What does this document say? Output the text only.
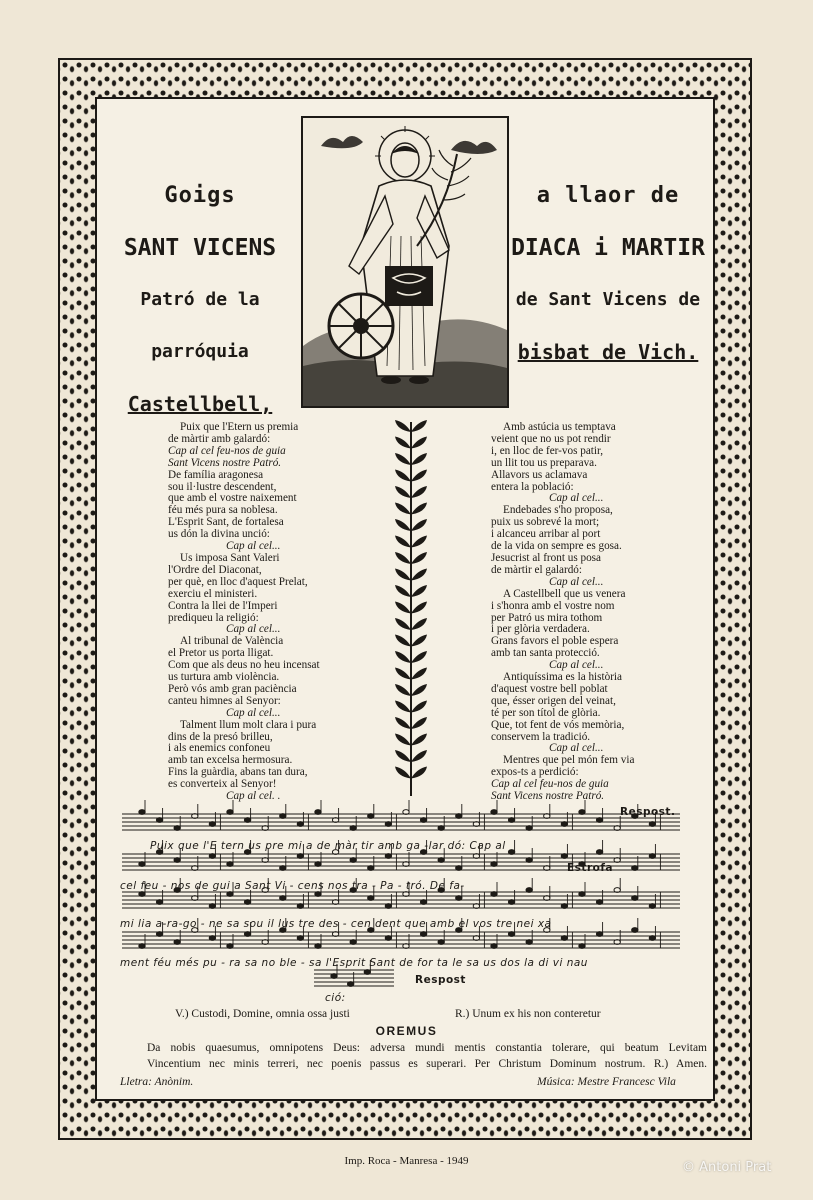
Goigs
SANT VICENS
Patró de la parróquia
Castellbell,
a llaor de
DIACA i MARTIR
de Sant Vicens de
bisbat de Vich.
Puix que l'Etern us premia
de màrtir amb galardó:
Cap al cel feu-nos de guia
Sant Vicens nostre Patró.
De família aragonesa
sou il·lustre descendent,
que amb el vostre naixement
féu més pura sa noblesa.
L'Esprit Sant, de fortalesa
us dón la divina unció:
Cap al cel...
Us imposa Sant Valeri
l'Ordre del Diaconat,
per què, en lloc d'aquest Prelat,
exerciu el ministeri.
Contra la llei de l'Imperi
prediqueu la religió:
Cap al cel...
Al tribunal de València
el Pretor us porta lligat.
Com que als deus no heu incensat
us turtura amb violència.
Però vós amb gran paciència
canteu himnes al Senyor:
Cap al cel...
Talment llum molt clara i pura
dins de la presó brilleu,
i als enemics confoneu
amb tan excelsa hermosura.
Fins la guàrdia, abans tan dura,
es converteix al Senyor!
Cap al cel. .
Amb astúcia us temptava
veient que no us pot rendir
i, en lloc de fer-vos patir,
un llit tou us preparava.
Allavors us aclamava
entera la població:
Cap al cel...
Endebades s'ho proposa,
puix us sobrevé la mort;
i alcanceu arribar al port
de la vida on sempre es gosa.
Jesucrist al front us posa
de màrtir el galardó:
Cap al cel...
A Castellbell que us venera
i s'honra amb el vostre nom
per Patró us mira tothom
i per glòria verdadera.
Grans favors el poble espera
amb tan santa protecció.
Cap al cel...
Antiquíssima es la història
d'aquest vostre bell poblat
que, ésser origen del veinat,
té per son títol de glòria.
Que, tot fent de vós memòria,
conservem la tradició.
Cap al cel...
Mentres que pel món fem via
expos-ts a perdició:
Cap al cel feu-nos de guia
Sant Vicens nostre Patró.
Puix que l'E tern us pre mi a de màr tir amb ga -lar dó: Cap al
cel feu - nos de gui a Sant Vi - cens nos tra - Pa - tró. De fa-
mi lia a-ra-go - ne sa sou il lus tre des - cen dent que amb el vos tre nei xa
ment féu més pu - ra sa no ble - sa l'Esprit Sant de for ta le sa us dos la di vi nau
ció:
Respost.
Estrofa
Respost
V.) Custodi, Domine, omnia ossa justi	R.) Unum ex his non conteretur
OREMUS
Da nobis quaesumus, omnipotens Deus: adversa mundi mentis constantia tolerare, qui beatum Levitam
Vincentium nec minis terreri, nec poenis passus es superari. Per Christum Dominum nostrum. R.) Amen.
Lletra: Anònim.	Música: Mestre Francesc Vila
Imp. Roca - Manresa - 1949	© Antoni Prat
